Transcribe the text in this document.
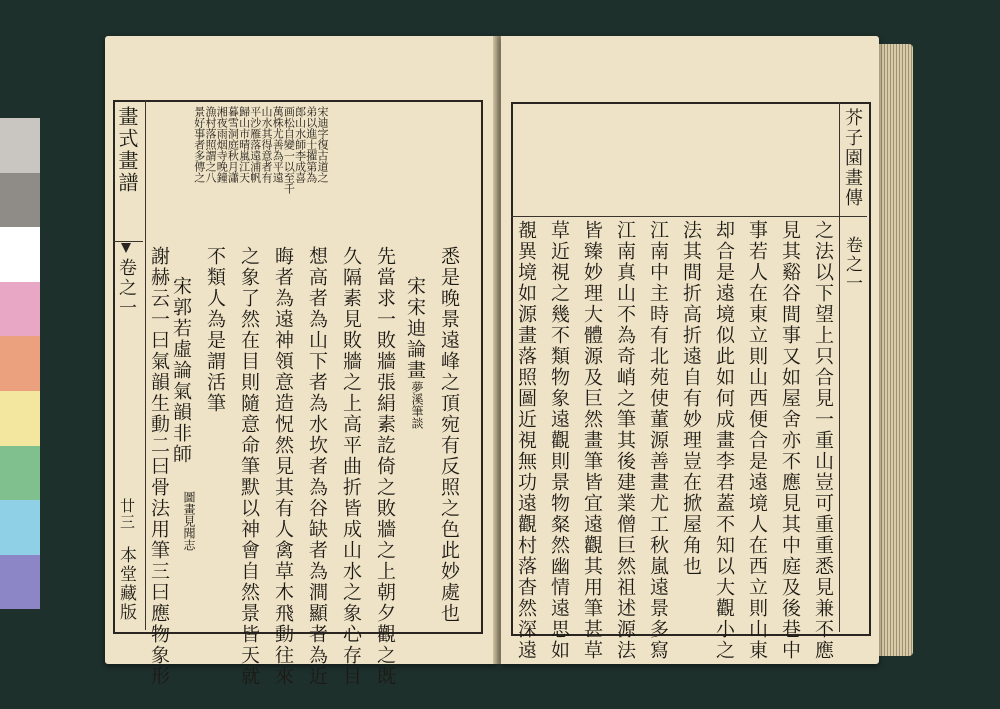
畫式畫譜
卷之一
廿三
本堂藏版
宋迪字復古道之
弟以進士擢第為
郎山水師李成喜
画松自變一以至千
萬株尤善為平遠
山水其得意者有
平沙雁落遠浦帆
歸山市晴嵐江天
暮雪洞庭秋月瀟
湘夜雨烟寺晚鐘
漁村落照謂之八
景好事者多傳之
悉是晚景遠峰之頂宛有反照之色此妙處也
宋宋迪論畫
夢溪筆談
先當求一敗牆張絹素訖倚之敗牆之上朝夕觀之既
久隔素見敗牆之上高平曲折皆成山水之象心存目
想高者為山下者為水坎者為谷缺者為澗顯者為近
晦者為遠神領意造怳然見其有人禽草木飛動往來
之象了然在目則隨意命筆默以神會自然景皆天就
不類人為是謂活筆
宋郭若虛論氣韻非師
圖畫見聞志
謝赫云一曰氣韻生動二曰骨法用筆三曰應物象形
芥子園畫傳
卷之一
之法以下望上只合見一重山豈可重重悉見兼不應
見其谿谷間事又如屋舍亦不應見其中庭及後巷中
事若人在東立則山西便合是遠境人在西立則山東
却合是遠境似此如何成畫李君蓋不知以大觀小之
法其間折高折遠自有妙理豈在掀屋角也
江南中主時有北苑使董源善畫尤工秋嵐遠景多寫
江南真山不為奇峭之筆其後建業僧巨然祖述源法
皆臻妙理大體源及巨然畫筆皆宜遠觀其用筆甚草
草近視之幾不類物象遠觀則景物粲然幽情遠思如
覩異境如源畫落照圖近視無功遠觀村落杳然深遠
